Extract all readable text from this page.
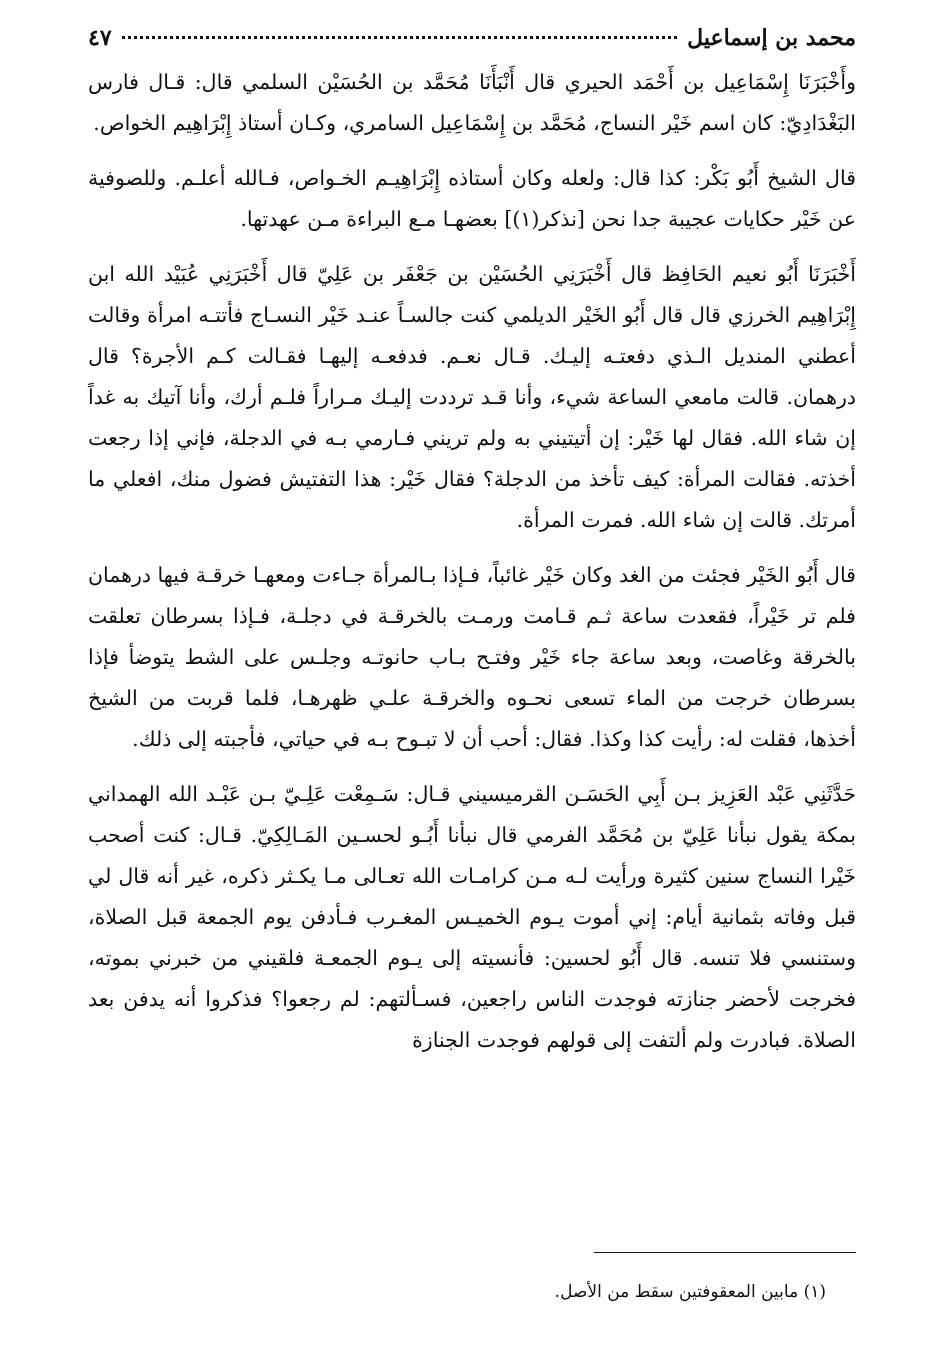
محمد بن إسماعيل
٤٧

وأَخْبَرَنَا إِسْمَاعِيل بن أَحْمَد الحيري قال أَنْبَأَنَا مُحَمَّد بن الحُسَيْن السلمي قال: قـال فارس البَغْدَادِيّ: كان اسم خَيْر النساج، مُحَمَّد بن إِسْمَاعِيل السامري، وكـان أستاذ إِبْرَاهِيم الخواص.

قال الشيخ أَبُو بَكْر: كذا قال: ولعله وكان أستاذه إِبْرَاهِيـم الخـواص، فـالله أعلـم. وللصوفية عن خَيْر حكايات عجيبة جدا نحن [نذكر(١)] بعضهـا مـع البراءة مـن عهدتها.

أَخْبَرَنَا أَبُو نعيم الحَافِظ قال أَخْبَرَنِي الحُسَيْن بن جَعْفَر بن عَلِيّ قال أَخْبَرَنِي عُبَيْد الله ابن إِبْرَاهِيم الخرزي قال قال أَبُو الخَيْر الديلمي كنت جالسـاً عنـد خَيْر النسـاج فأتتـه امرأة وقالت أعطني المنديل الـذي دفعتـه إليـك. قـال نعـم. فدفعـه إليهـا فقـالت كـم الأجرة؟ قال درهمان. قالت مامعي الساعة شيء، وأنا قـد ترددت إليـك مـراراً فلـم أرك، وأنا آتيك به غداً إن شاء الله. فقال لها خَيْر: إن أتيتيني به ولم تريني فـارمي بـه في الدجلة، فإني إذا رجعت أخذته. فقالت المرأة: كيف تأخذ من الدجلة؟ فقال خَيْر: هذا التفتيش فضول منك، افعلي ما أمرتك. قالت إن شاء الله. فمرت المرأة.

قال أَبُو الخَيْر فجئت من الغد وكان خَيْر غائباً، فـإذا بـالمرأة جـاءت ومعهـا خرقـة فيها درهمان فلم تر خَيْراً، فقعدت ساعة ثـم قـامت ورمـت بالخرقـة في دجلـة، فـإذا بسرطان تعلقت بالخرقة وغاصت، وبعد ساعة جاء خَيْر وفتـح بـاب حانوتـه وجلـس على الشط يتوضأ فإذا بسرطان خرجت من الماء تسعى نحـوه والخرقـة علـي ظهرهـا، فلما قربت من الشيخ أخذها، فقلت له: رأيت كذا وكذا. فقال: أحب أن لا تبـوح بـه في حياتي، فأجبته إلى ذلك.

حَدَّثَنِي عَبْد العَزِيز بـن أَبِي الحَسَـن القرميسيني قـال: سَـمِعْت عَلِـيّ بـن عَبْـد الله الهمداني بمكة يقول نبأنا عَلِيّ بن مُحَمَّد الفرمي قال نبأنا أَبُـو لحسـين المَـالِكِيّ. قـال: كنت أصحب خَيْرا النساج سنين كثيرة ورأيت لـه مـن كرامـات الله تعـالى مـا يكـثر ذكره، غير أنه قال لي قبل وفاته بثمانية أيام: إني أموت يـوم الخميـس المغـرب فـأدفن يوم الجمعة قبل الصلاة، وستنسي فلا تنسه. قال أَبُو لحسين: فأنسيته إلى يـوم الجمعـة فلقيني من خبرني بموته، فخرجت لأحضر جنازته فوجدت الناس راجعين، فسـألتهم: لم رجعوا؟ فذكروا أنه يدفن بعد الصلاة. فبادرت ولم ألتفت إلى قولهم فوجدت الجنازة

(١) مابين المعقوفتين سقط من الأصل.
